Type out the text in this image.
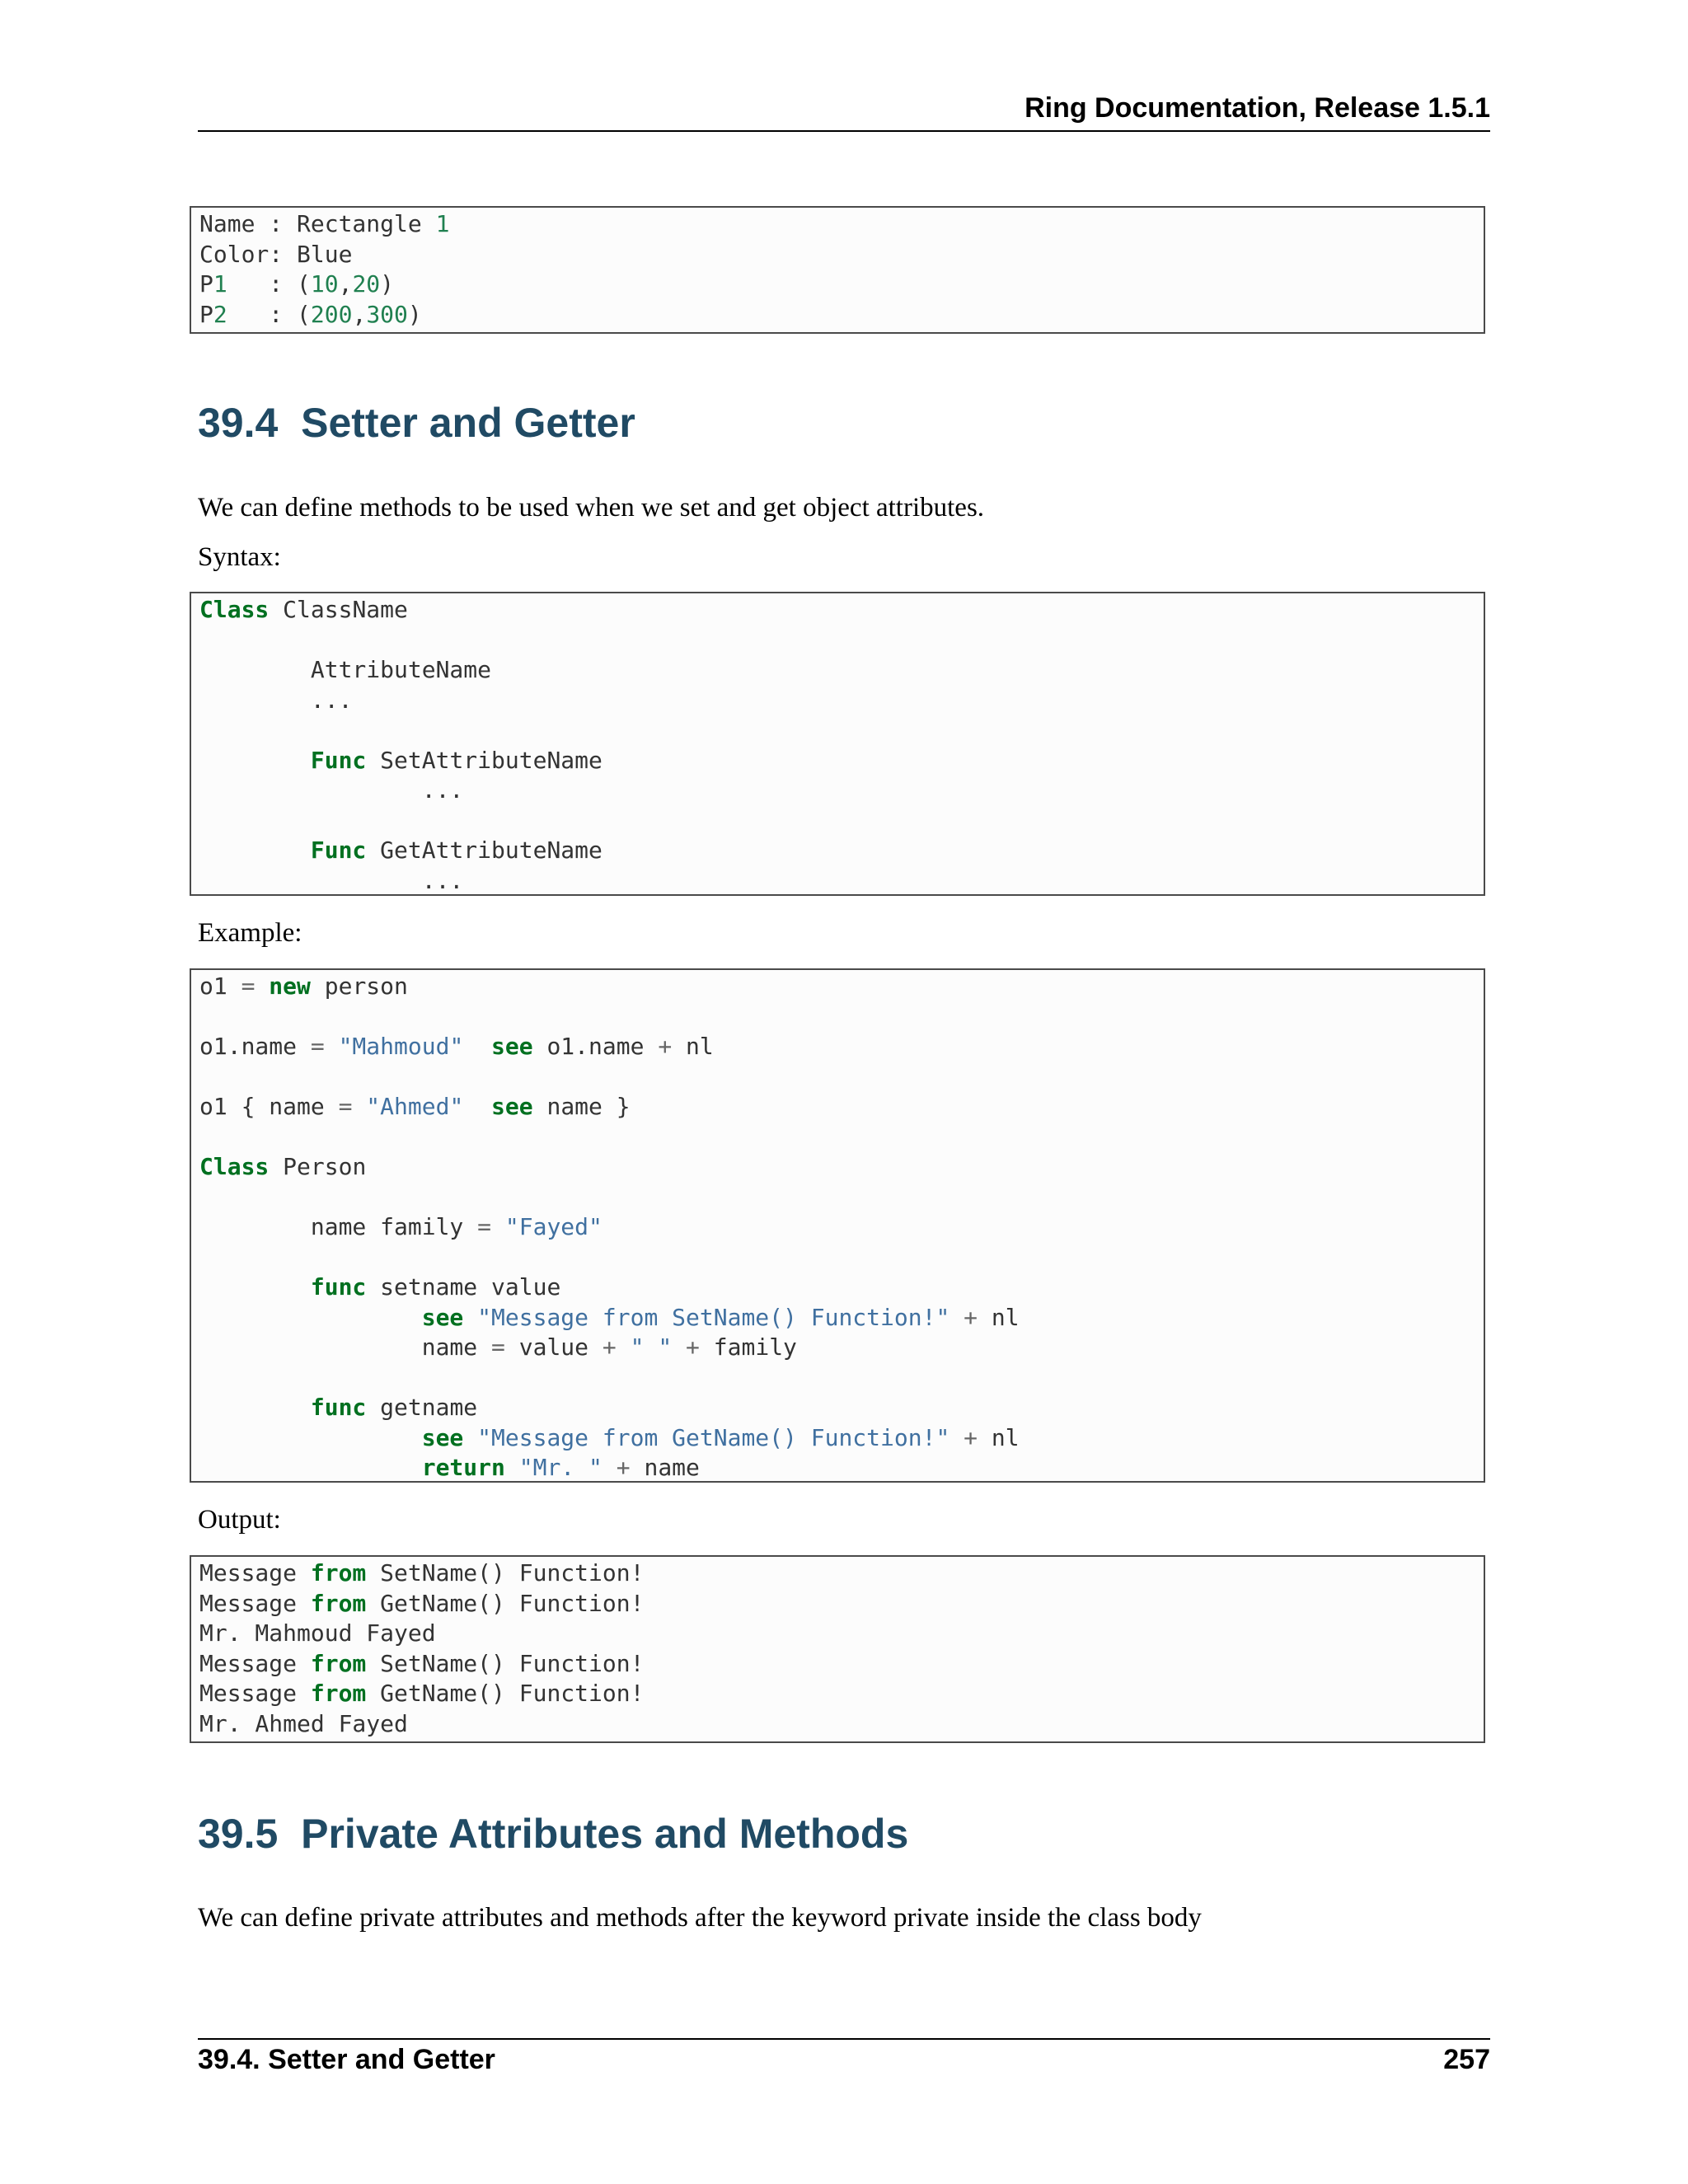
Ring Documentation, Release 1.5.1
Name : Rectangle 1
Color: Blue
P1   : (10,20)
P2   : (200,300)
39.4 Setter and Getter

We can define methods to be used when we set and get object attributes.

Syntax:

Class ClassName

AttributeName
...

Func SetAttributeName
...

Func GetAttributeName
...

Example:

o1 = new person

o1.name = "Mahmoud" see o1.name + nl

o1 { name = "Ahmed" see name }

Class Person

name family = "Fayed"

func setname value
see "Message from SetName() Function!" + nl
name = value + " " + family

func getname
see "Message from GetName() Function!" + nl
return "Mr. " + name

Output:

Message from SetName() Function!
Message from GetName() Function!
Mr. Mahmoud Fayed
Message from SetName() Function!
Message from GetName() Function!
Mr. Ahmed Fayed
39.5 Private Attributes and Methods

We can define private attributes and methods after the keyword private inside the class body

39.4. Setter and Getter	257
